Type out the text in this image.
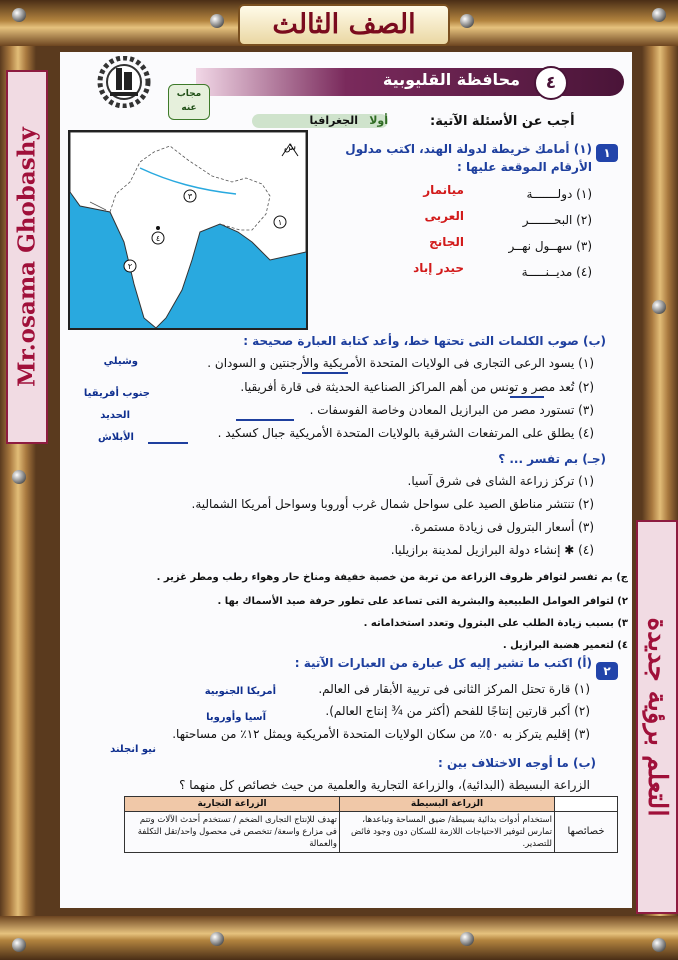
الصف الثالث
Mr.osama Ghobashy
التعلم برؤية جديدة
محافظة القليوبية	٤
مجاب عنه
أجب عن الأسئلة الآتية:
الجغرافيا	أولا
١
(١) أمامك خريطة لدولة الهند، اكتب مدلول الأرقام الموقعة عليها :
١
٢
٣
٤
ش
(١) دولـــــــة
ميانمار
(٢) البحـــــــر
العربى
(٣) سهــول نهــر
الجانج
(٤) مديــنـــــة
حيدر إباد
(ب) صوب الكلمات التى تحتها خط، وأعد كتابة العبارة صحيحة :
(١) يسود الرعى التجارى فى الولايات المتحدة الأمريكية والأرجنتين و السودان .
وشيلي
(٢) تُعد مصر و تونس من أهم المراكز الصناعية الحديثة فى قارة أفريقيا.
جنوب أفريقيا
(٣) تستورد مصر من البرازيل المعادن وخاصة الفوسفات .
الحديد
(٤) يطلق على المرتفعات الشرقية بالولايات المتحدة الأمريكية جبال كسكيد .
الأبلاش
(جـ) بم تفسر ... ؟
(١) تركز زراعة الشاى فى شرق آسيا.
(٢) تنتشر مناطق الصيد على سواحل شمال غرب أوروبا وسواحل أمريكا الشمالية.
(٣) أسعار البترول فى زيادة مستمرة.
(٤) ✱ إنشاء دولة البرازيل لمدينة برازيليا.
ج) بم تفسر لتوافر ظروف الزراعة من تربة من خصبة خفيفة ومناخ حار وهواء رطب ومطر غزير .
٢) لتوافر العوامل الطبيعية والبشرية التى تساعد على تطور حرفة صيد الأسماك بها .
٣) بسبب زيادة الطلب على البترول وتعدد استخداماته .
٤) لتعمير هضبة البرازيل .
٢
(أ) اكتب ما تشير إليه كل عبارة من العبارات الآتية :
(١) قارة تحتل المركز الثانى فى تربية الأبقار فى العالم.
أمريكا الجنوبية
(٢) أكبر قارتين إنتاجًا للفحم (أكثر من ¾ إنتاج العالم).
آسيا وأوروبا
(٣) إقليم يتركز به ٥٠٪ من سكان الولايات المتحدة الأمريكية ويمثل ١٢٪ من مساحتها.
نيو انجلند
(ب) ما أوجه الاختلاف بين :
الزراعة البسيطة (البدائية)، والزراعة التجارية والعلمية من حيث خصائص كل منهما ؟
	الزراعة البسيطة	الزراعة التجارية
خصائصها	استخدام أدوات بدائية بسيطة/ ضيق المساحة وتباعدها، تمارس لتوفير الاحتياجات اللازمة للسكان دون وجود فائض للتصدير.	تهدف للإنتاج التجارى الضخم / تستخدم أحدث الآلات وتتم فى مزارع واسعة/ تتخصص فى محصول واحد/تقل التكلفة والعمالة
